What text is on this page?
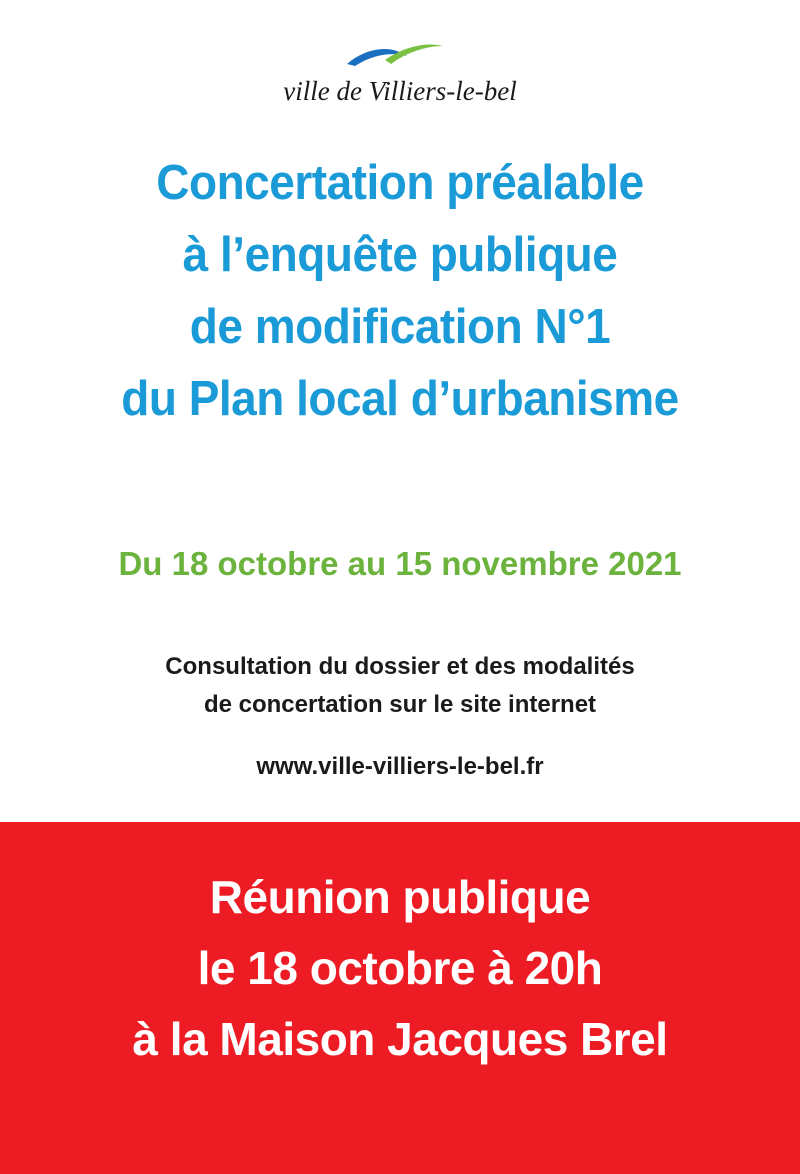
ville de Villiers-le-bel
Concertation préalable
à l’enquête publique
de modification N°1
du Plan local d’urbanisme
Du 18 octobre au 15 novembre 2021
Consultation du dossier et des modalités
de concertation sur le site internet
www.ville-villiers-le-bel.fr
Réunion publique
le 18 octobre à 20h
à la Maison Jacques Brel
